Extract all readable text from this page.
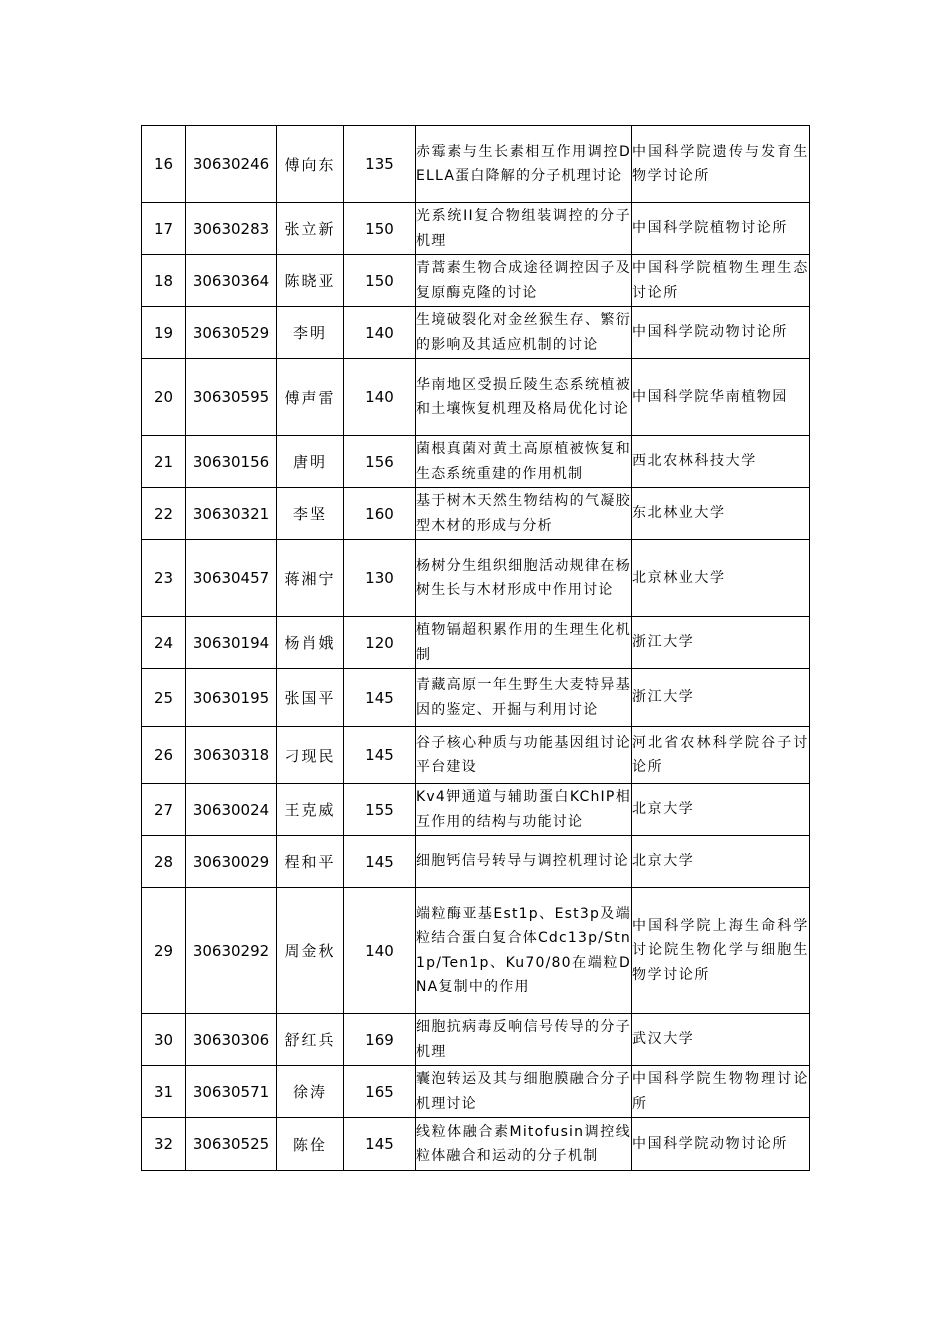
16	30630246	傅向东	135	赤霉素与生长素相互作用调控DELLA蛋白降解的分子机理讨论	中国科学院遗传与发育生物学讨论所
17	30630283	张立新	150	光系统II复合物组装调控的分子机理	中国科学院植物讨论所
18	30630364	陈晓亚	150	青蒿素生物合成途径调控因子及复原酶克隆的讨论	中国科学院植物生理生态讨论所
19	30630529	李明	140	生境破裂化对金丝猴生存、繁衍的影响及其适应机制的讨论	中国科学院动物讨论所
20	30630595	傅声雷	140	华南地区受损丘陵生态系统植被和土壤恢复机理及格局优化讨论	中国科学院华南植物园
21	30630156	唐明	156	菌根真菌对黄土高原植被恢复和生态系统重建的作用机制	西北农林科技大学
22	30630321	李坚	160	基于树木天然生物结构的气凝胶型木材的形成与分析	东北林业大学
23	30630457	蒋湘宁	130	杨树分生组织细胞活动规律在杨树生长与木材形成中作用讨论	北京林业大学
24	30630194	杨肖娥	120	植物镉超积累作用的生理生化机制	浙江大学
25	30630195	张国平	145	青藏高原一年生野生大麦特异基因的鉴定、开掘与利用讨论	浙江大学
26	30630318	刁现民	145	谷子核心种质与功能基因组讨论平台建设	河北省农林科学院谷子讨论所
27	30630024	王克威	155	Kv4钾通道与辅助蛋白KChIP相互作用的结构与功能讨论	北京大学
28	30630029	程和平	145	细胞钙信号转导与调控机理讨论	北京大学
29	30630292	周金秋	140	端粒酶亚基Est1p、Est3p及端粒结合蛋白复合体Cdc13p/Stn1p/Ten1p、Ku70/80在端粒DNA复制中的作用	中国科学院上海生命科学讨论院生物化学与细胞生物学讨论所
30	30630306	舒红兵	169	细胞抗病毒反响信号传导的分子机理	武汉大学
31	30630571	徐涛	165	囊泡转运及其与细胞膜融合分子机理讨论	中国科学院生物物理讨论所
32	30630525	陈佺	145	线粒体融合素Mitofusin调控线粒体融合和运动的分子机制	中国科学院动物讨论所
